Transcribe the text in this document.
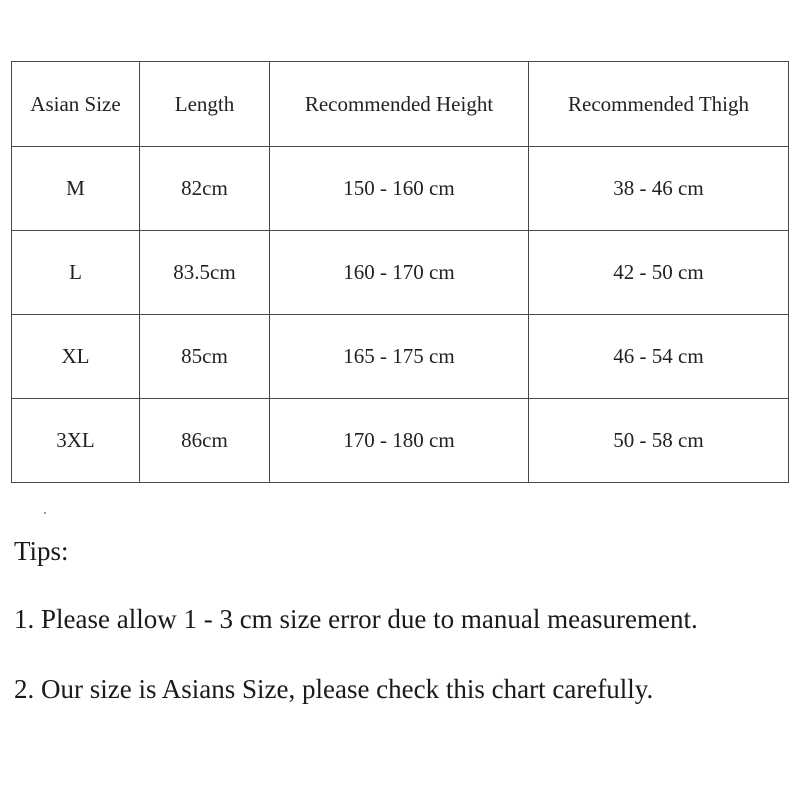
Asian Size	Length	Recommended Height	Recommended Thigh
M	82cm	150 - 160 cm	38 - 46 cm
L	83.5cm	160 - 170 cm	42 - 50 cm
XL	85cm	165 - 175 cm	46 - 54 cm
3XL	86cm	170 - 180 cm	50 - 58 cm

Tips:

1. Please allow 1 - 3 cm size error due to manual measurement.

2. Our size is Asians Size, please check this chart carefully.
